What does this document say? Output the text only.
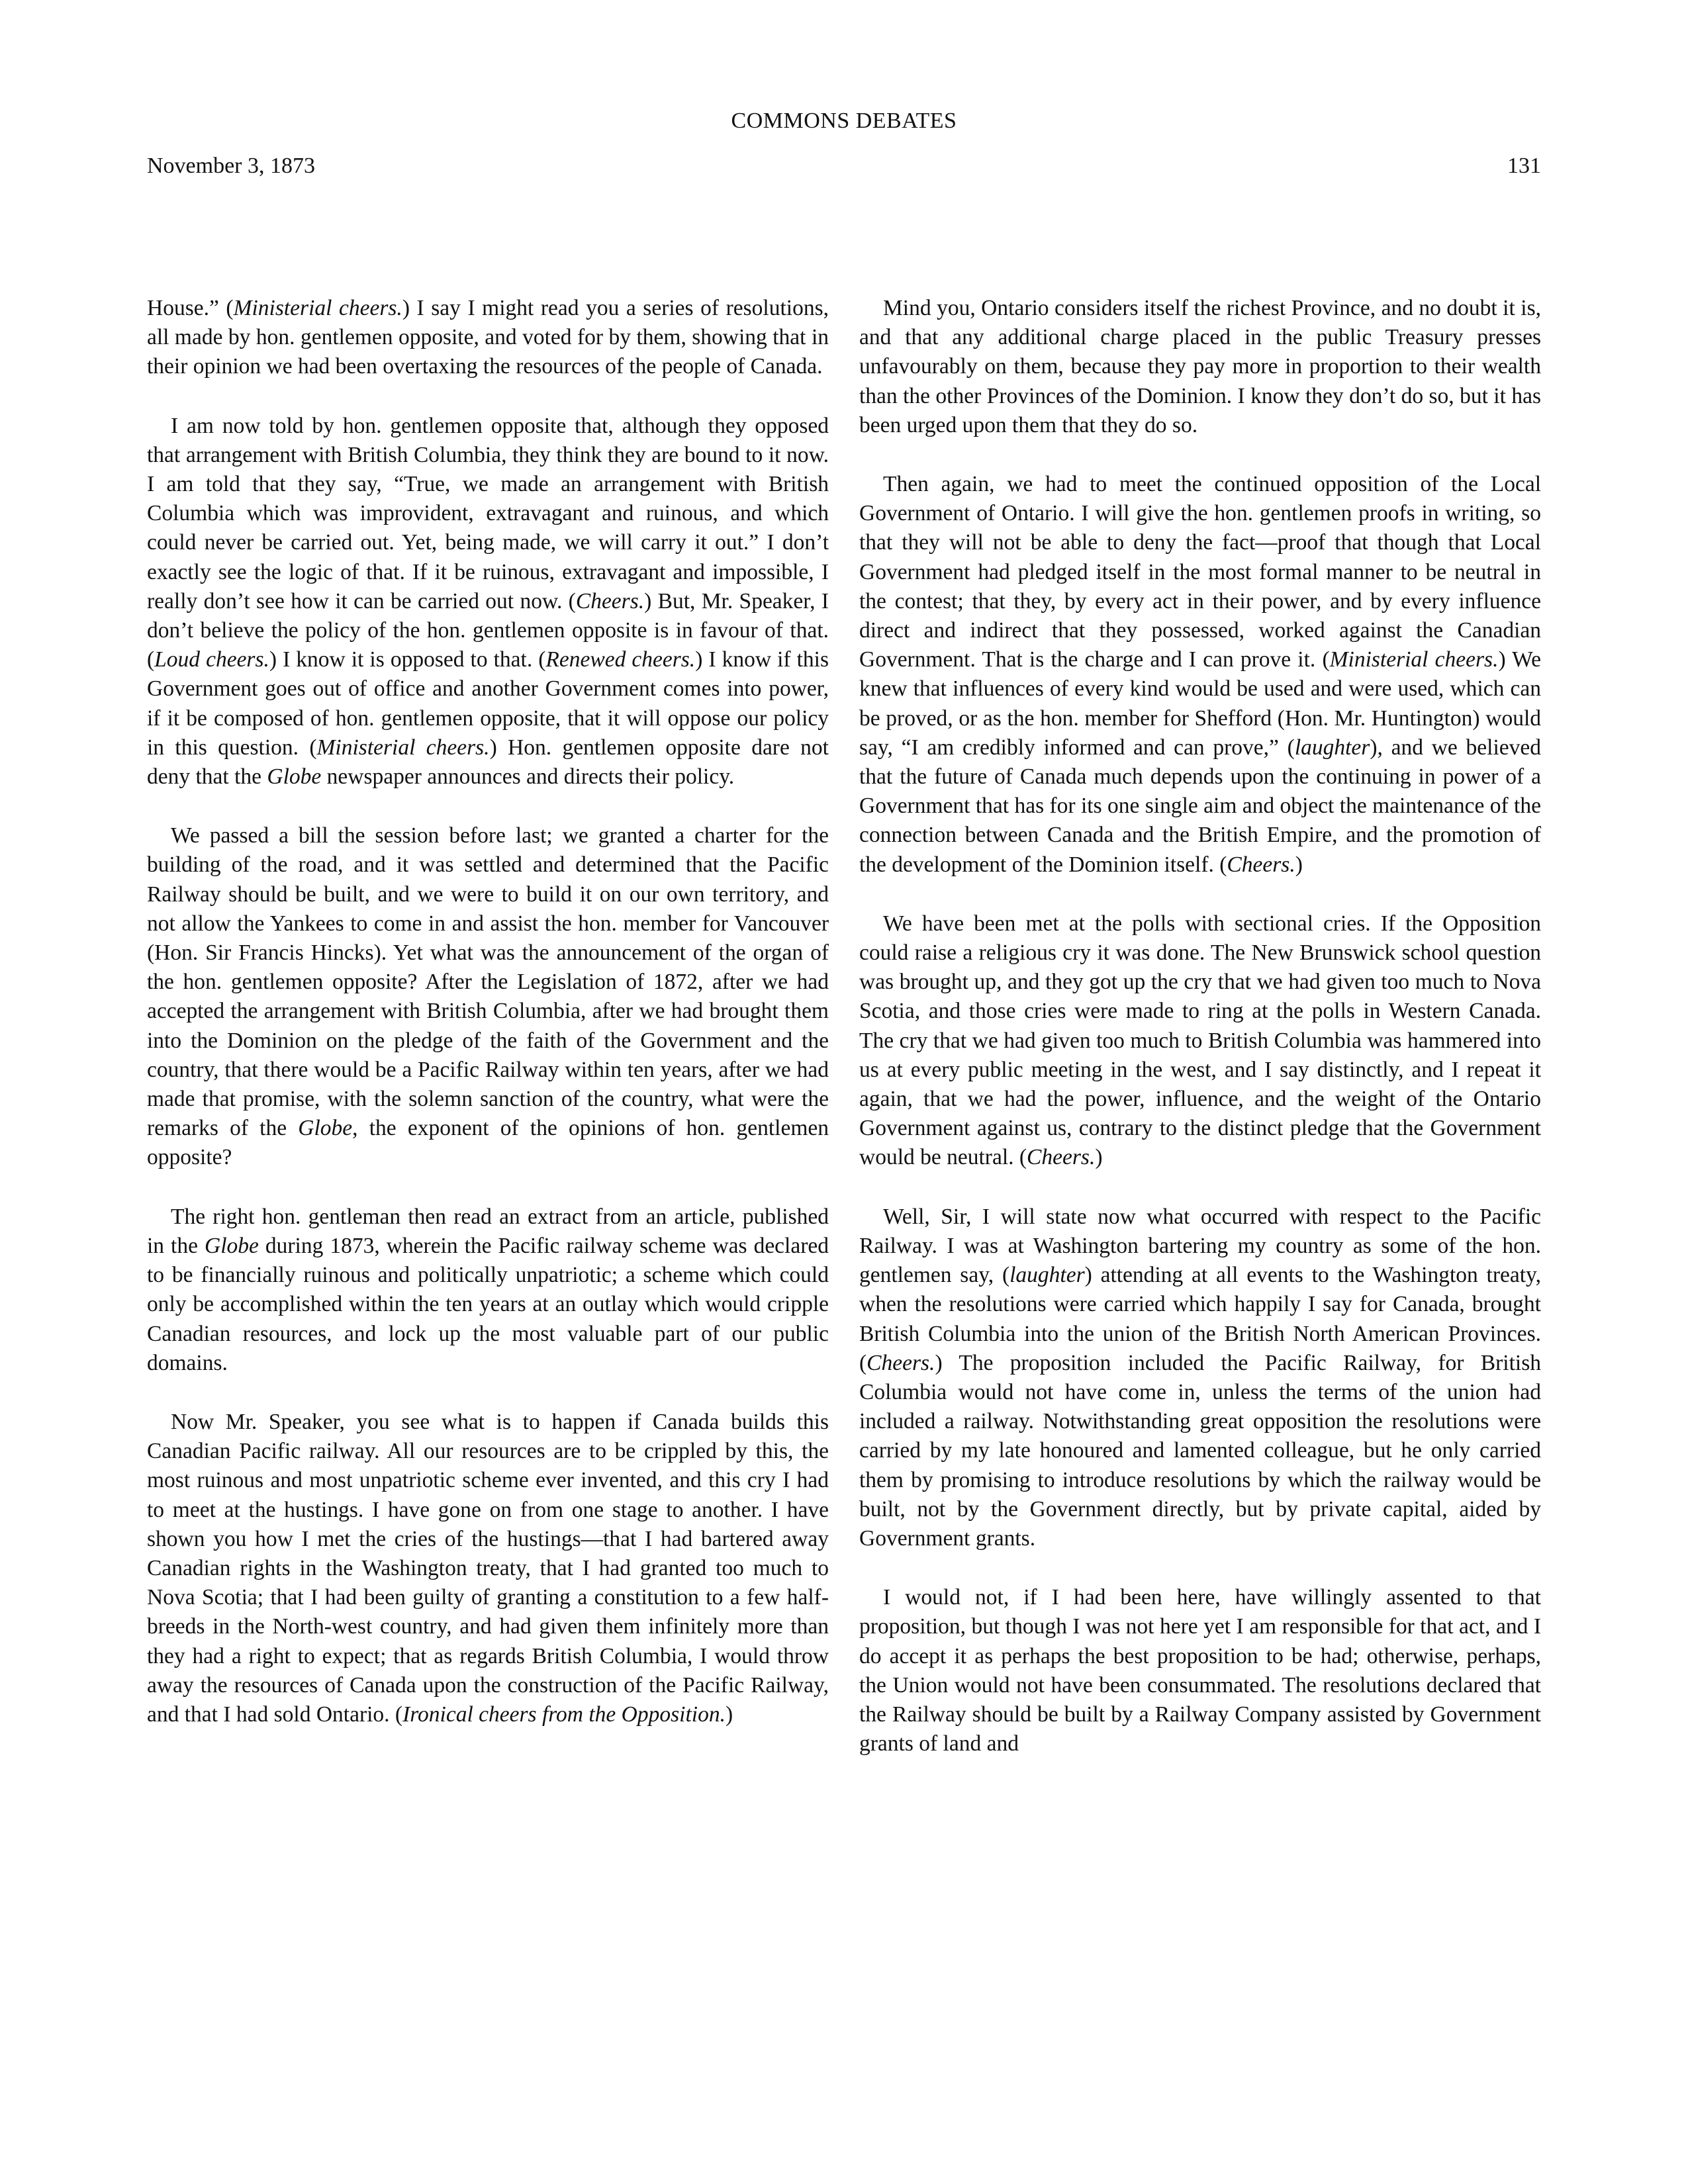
COMMONS DEBATES
November 3, 1873	131

House.” (Ministerial cheers.) I say I might read you a series of resolutions, all made by hon. gentlemen opposite, and voted for by them, showing that in their opinion we had been overtaxing the resources of the people of Canada.

I am now told by hon. gentlemen opposite that, although they opposed that arrangement with British Columbia, they think they are bound to it now. I am told that they say, “True, we made an arrangement with British Columbia which was improvident, extravagant and ruinous, and which could never be carried out. Yet, being made, we will carry it out.” I don’t exactly see the logic of that. If it be ruinous, extravagant and impossible, I really don’t see how it can be carried out now. (Cheers.) But, Mr. Speaker, I don’t believe the policy of the hon. gentlemen opposite is in favour of that. (Loud cheers.) I know it is opposed to that. (Renewed cheers.) I know if this Government goes out of office and another Government comes into power, if it be composed of hon. gentlemen opposite, that it will oppose our policy in this question. (Ministerial cheers.) Hon. gentlemen opposite dare not deny that the Globe newspaper announces and directs their policy.

We passed a bill the session before last; we granted a charter for the building of the road, and it was settled and determined that the Pacific Railway should be built, and we were to build it on our own territory, and not allow the Yankees to come in and assist the hon. member for Vancouver (Hon. Sir Francis Hincks). Yet what was the announcement of the organ of the hon. gentlemen opposite? After the Legislation of 1872, after we had accepted the arrangement with British Columbia, after we had brought them into the Dominion on the pledge of the faith of the Government and the country, that there would be a Pacific Railway within ten years, after we had made that promise, with the solemn sanction of the country, what were the remarks of the Globe, the exponent of the opinions of hon. gentlemen opposite?

The right hon. gentleman then read an extract from an article, published in the Globe during 1873, wherein the Pacific railway scheme was declared to be financially ruinous and politically unpatriotic; a scheme which could only be accomplished within the ten years at an outlay which would cripple Canadian resources, and lock up the most valuable part of our public domains.

Now Mr. Speaker, you see what is to happen if Canada builds this Canadian Pacific railway. All our resources are to be crippled by this, the most ruinous and most unpatriotic scheme ever invented, and this cry I had to meet at the hustings. I have gone on from one stage to another. I have shown you how I met the cries of the hustings—that I had bartered away Canadian rights in the Washington treaty, that I had granted too much to Nova Scotia; that I had been guilty of granting a constitution to a few half-breeds in the North-west country, and had given them infinitely more than they had a right to expect; that as regards British Columbia, I would throw away the resources of Canada upon the construction of the Pacific Railway, and that I had sold Ontario. (Ironical cheers from the Opposition.)

Mind you, Ontario considers itself the richest Province, and no doubt it is, and that any additional charge placed in the public Treasury presses unfavourably on them, because they pay more in proportion to their wealth than the other Provinces of the Dominion. I know they don’t do so, but it has been urged upon them that they do so.

Then again, we had to meet the continued opposition of the Local Government of Ontario. I will give the hon. gentlemen proofs in writing, so that they will not be able to deny the fact—proof that though that Local Government had pledged itself in the most formal manner to be neutral in the contest; that they, by every act in their power, and by every influence direct and indirect that they possessed, worked against the Canadian Government. That is the charge and I can prove it. (Ministerial cheers.) We knew that influences of every kind would be used and were used, which can be proved, or as the hon. member for Shefford (Hon. Mr. Huntington) would say, “I am credibly informed and can prove,” (laughter), and we believed that the future of Canada much depends upon the continuing in power of a Government that has for its one single aim and object the maintenance of the connection between Canada and the British Empire, and the promotion of the development of the Dominion itself. (Cheers.)

We have been met at the polls with sectional cries. If the Opposition could raise a religious cry it was done. The New Brunswick school question was brought up, and they got up the cry that we had given too much to Nova Scotia, and those cries were made to ring at the polls in Western Canada. The cry that we had given too much to British Columbia was hammered into us at every public meeting in the west, and I say distinctly, and I repeat it again, that we had the power, influence, and the weight of the Ontario Government against us, contrary to the distinct pledge that the Government would be neutral. (Cheers.)

Well, Sir, I will state now what occurred with respect to the Pacific Railway. I was at Washington bartering my country as some of the hon. gentlemen say, (laughter) attending at all events to the Washington treaty, when the resolutions were carried which happily I say for Canada, brought British Columbia into the union of the British North American Provinces. (Cheers.) The proposition included the Pacific Railway, for British Columbia would not have come in, unless the terms of the union had included a railway. Notwithstanding great opposition the resolutions were carried by my late honoured and lamented colleague, but he only carried them by promising to introduce resolutions by which the railway would be built, not by the Government directly, but by private capital, aided by Government grants.

I would not, if I had been here, have willingly assented to that proposition, but though I was not here yet I am responsible for that act, and I do accept it as perhaps the best proposition to be had; otherwise, perhaps, the Union would not have been consummated. The resolutions declared that the Railway should be built by a Railway Company assisted by Government grants of land and
